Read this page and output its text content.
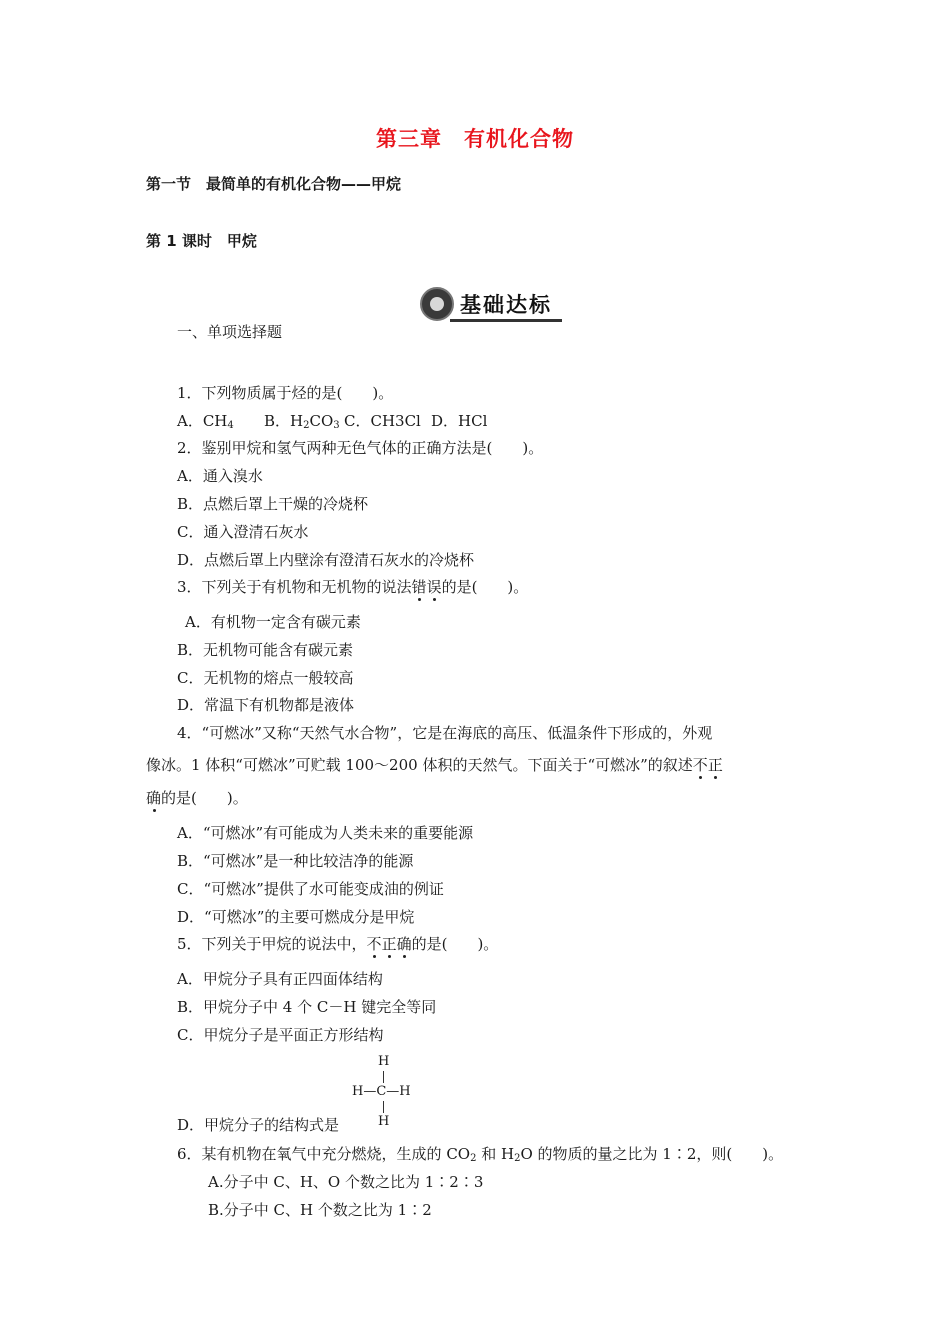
第三章　有机化合物
第一节　最简单的有机化合物——甲烷
第 1 课时　甲烷
基础达标
一、单项选择题
1．下列物质属于烃的是(　　)。
A．$CH_4$ B．$H_2CO_3$ C．CH3Cl D．HCl
2．鉴别甲烷和氢气两种无色气体的正确方法是(　　)。
A．通入溴水
B．点燃后罩上干燥的冷烧杯
C．通入澄清石灰水
D．点燃后罩上内壁涂有澄清石灰水的冷烧杯
3．下列关于有机物和无机物的说法错误的是(　　)。
A．有机物一定含有碳元素
B．无机物可能含有碳元素
C．无机物的熔点一般较高
D．常温下有机物都是液体
4．“可燃冰”又称“天然气水合物”，它是在海底的高压、低温条件下形成的，外观
像冰。1 体积“可燃冰”可贮载 100～200 体积的天然气。下面关于“可燃冰”的叙述不正
确的是(　　)。
A．“可燃冰”有可能成为人类未来的重要能源
B．“可燃冰”是一种比较洁净的能源
C．“可燃冰”提供了水可能变成油的例证
D．“可燃冰”的主要可燃成分是甲烷
5．下列关于甲烷的说法中，不正确的是(　　)。
A．甲烷分子具有正四面体结构
B．甲烷分子中 4 个 C－H 键完全等同
C．甲烷分子是平面正方形结构
H
H—C—H
H
D．甲烷分子的结构式是
6．某有机物在氧气中充分燃烧，生成的 $CO_2$ 和 $H_2O$ 的物质的量之比为 1∶2，则(　　)。
A.分子中 C、H、O 个数之比为 1∶2∶3
B.分子中 C、H 个数之比为 1∶2
